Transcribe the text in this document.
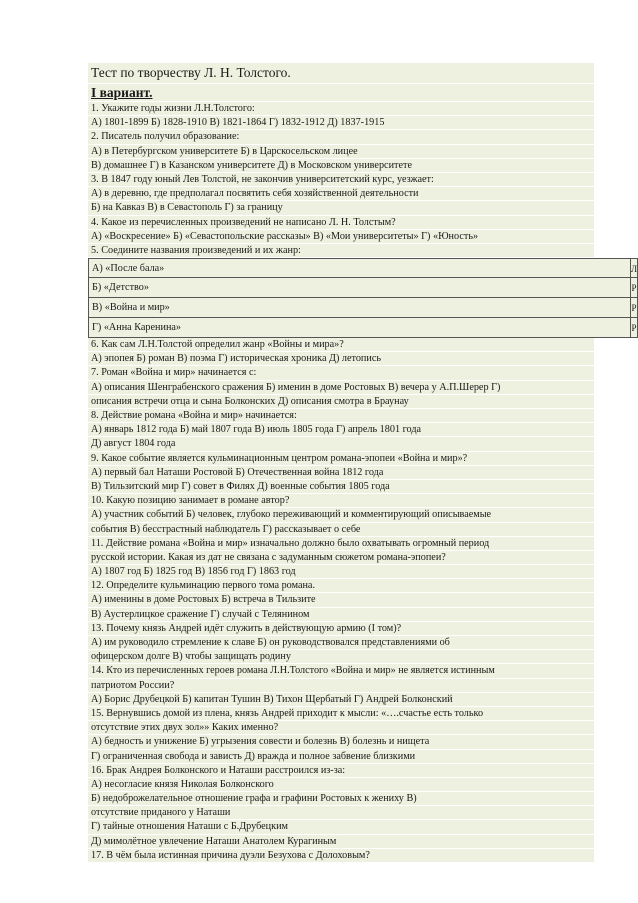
Тест по творчеству Л. Н. Толстого.
I вариант.
1. Укажите годы жизни Л.Н.Толстого:
А) 1801-1899 Б) 1828-1910 В) 1821-1864 Г) 1832-1912 Д) 1837-1915
2. Писатель получил образование:
А) в Петербургском университете Б) в Царскосельском лицее
В) домашнее Г) в Казанском университете Д) в Московском университете
3. В 1847 году юный Лев Толстой, не закончив университетский курс, уезжает:
А) в деревню, где предполагал посвятить себя хозяйственной деятельности
Б) на Кавказ В) в Севастополь Г) за границу
4. Какое из перечисленных произведений не написано Л. Н. Толстым?
А) «Воскресение» Б) «Севастопольские рассказы» В) «Мои университеты» Г) «Юность»
5. Соедините названия произведений и их жанр:
А) «После бала»	Л
Б) «Детство»	Р
В) «Война и мир»	Р
Г) «Анна Каренина»	Р
6. Как сам Л.Н.Толстой определил жанр «Войны и мира»?
А) эпопея Б) роман В) поэма Г) историческая хроника Д) летопись
7. Роман «Война и мир» начинается с:
А) описания Шенграбенского сражения Б) именин в доме Ростовых В) вечера у А.П.Шерер Г)
описания встречи отца и сына Болконских Д) описания смотра в Браунау
8. Действие романа «Война и мир» начинается:
А) январь 1812 года Б) май 1807 года В) июль 1805 года Г) апрель 1801 года
Д) август 1804 года
9. Какое событие является кульминационным центром романа-эпопеи «Война и мир»?
А) первый бал Наташи Ростовой Б) Отечественная война 1812 года
В) Тильзитский мир Г) совет в Филях Д) военные события 1805 года
10. Какую позицию занимает в романе автор?
А) участник событий Б) человек, глубоко переживающий и комментирующий описываемые
события В) бесстрастный наблюдатель Г) рассказывает о себе
11. Действие романа «Война и мир» изначально должно было охватывать огромный период
русской истории. Какая из дат не связана с задуманным сюжетом романа-эпопеи?
А) 1807 год Б) 1825 год В) 1856 год Г) 1863 год
12. Определите кульминацию первого тома романа.
А) именины в доме Ростовых Б) встреча в Тильзите
В) Аустерлицкое сражение Г) случай с Телянином
13. Почему князь Андрей идёт служить в действующую армию (I том)?
А) им руководило стремление к славе Б) он руководствовался представлениями об
офицерском долге В) чтобы защищать родину
14. Кто из перечисленных героев романа Л.Н.Толстого «Война и мир» не является истинным
патриотом России?
А) Борис Друбецкой Б) капитан Тушин В) Тихон Щербатый Г) Андрей Болконский
15. Вернувшись домой из плена, князь Андрей приходит к мысли: «….счастье есть только
отсутствие этих двух зол»» Каких именно?
А) бедность и унижение Б) угрызения совести и болезнь В) болезнь и нищета
Г) ограниченная свобода и зависть Д) вражда и полное забвение близкими
16. Брак Андрея Болконского и Наташи расстроился из-за:
А) несогласие князя Николая Болконского
Б) недоброжелательное отношение графа и графини Ростовых к жениху В)
отсутствие приданого у Наташи
Г) тайные отношения Наташи с Б.Друбецким
Д) мимолётное увлечение Наташи Анатолем Курагиным
17. В чём была истинная причина дуэли Безухова с Долоховым?
